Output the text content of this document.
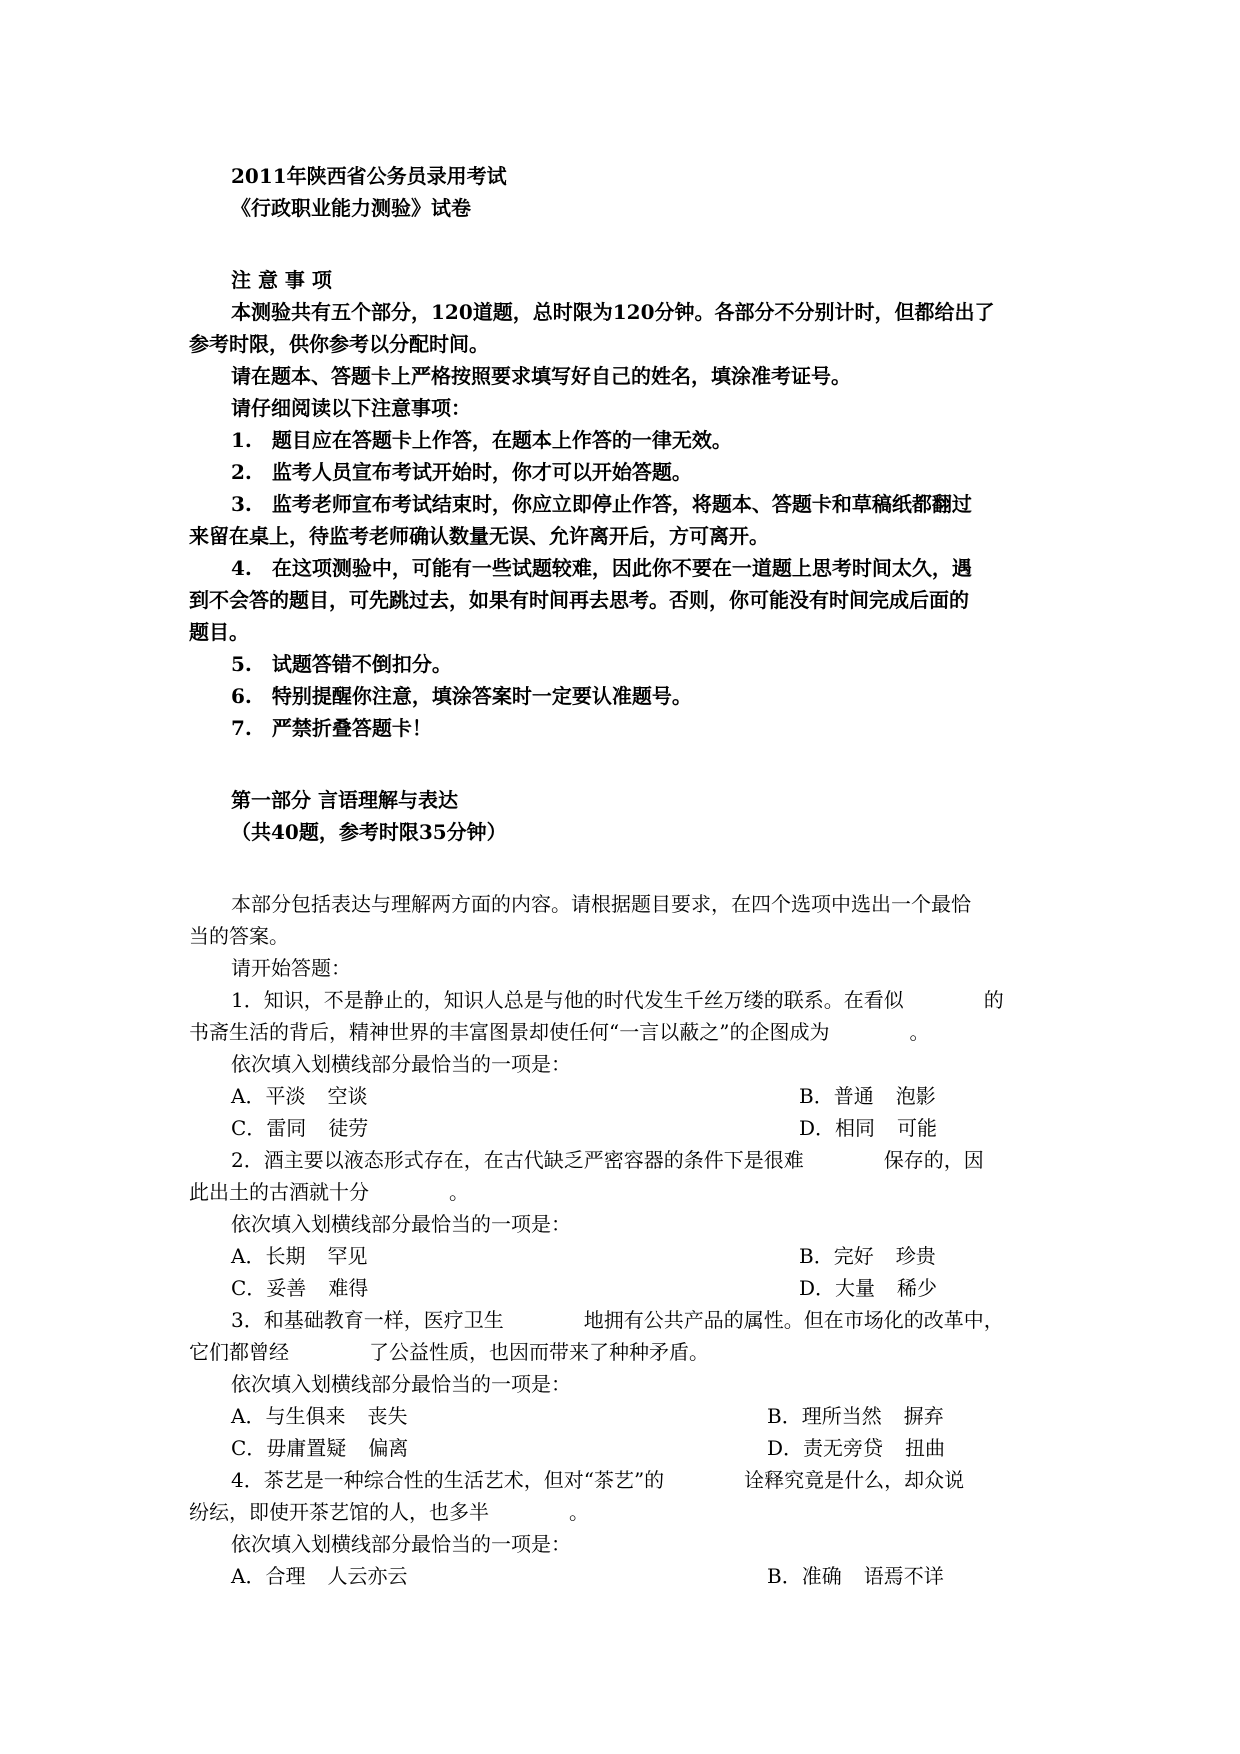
2011年陕西省公务员录用考试
《行政职业能力测验》试卷
注 意 事 项
本测验共有五个部分，120道题，总时限为120分钟。各部分不分别计时，但都给出了
参考时限，供你参考以分配时间。
请在题本、答题卡上严格按照要求填写好自己的姓名，填涂准考证号。
请仔细阅读以下注意事项：
1.　题目应在答题卡上作答，在题本上作答的一律无效。
2.　监考人员宣布考试开始时，你才可以开始答题。
3.　监考老师宣布考试结束时，你应立即停止作答，将题本、答题卡和草稿纸都翻过
来留在桌上，待监考老师确认数量无误、允许离开后，方可离开。
4.　在这项测验中，可能有一些试题较难，因此你不要在一道题上思考时间太久，遇
到不会答的题目，可先跳过去，如果有时间再去思考。否则，你可能没有时间完成后面的
题目。
5.　试题答错不倒扣分。
6.　特别提醒你注意，填涂答案时一定要认准题号。
7.　严禁折叠答题卡！
第一部分 言语理解与表达
（共40题，参考时限35分钟）
本部分包括表达与理解两方面的内容。请根据题目要求，在四个选项中选出一个最恰
当的答案。
请开始答题：
1．知识，不是静止的，知识人总是与他的时代发生千丝万缕的联系。在看似　　　　的
书斋生活的背后，精神世界的丰富图景却使任何“一言以蔽之”的企图成为　　　　。
依次填入划横线部分最恰当的一项是：
A．平淡 空谈	B．普通 泡影
C．雷同 徒劳	D．相同 可能
2．酒主要以液态形式存在，在古代缺乏严密容器的条件下是很难　　　　保存的，因
此出土的古酒就十分　　　　。
依次填入划横线部分最恰当的一项是：
A．长期 罕见	B．完好 珍贵
C．妥善 难得	D．大量 稀少
3．和基础教育一样，医疗卫生　　　　地拥有公共产品的属性。但在市场化的改革中，
它们都曾经　　　　了公益性质，也因而带来了种种矛盾。
依次填入划横线部分最恰当的一项是：
A．与生俱来 丧失	B．理所当然 摒弃
C．毋庸置疑 偏离	D．责无旁贷 扭曲
4．茶艺是一种综合性的生活艺术，但对“茶艺”的　　　　诠释究竟是什么，却众说
纷纭，即使开茶艺馆的人，也多半　　　　。
依次填入划横线部分最恰当的一项是：
A．合理 人云亦云	B．准确 语焉不详
